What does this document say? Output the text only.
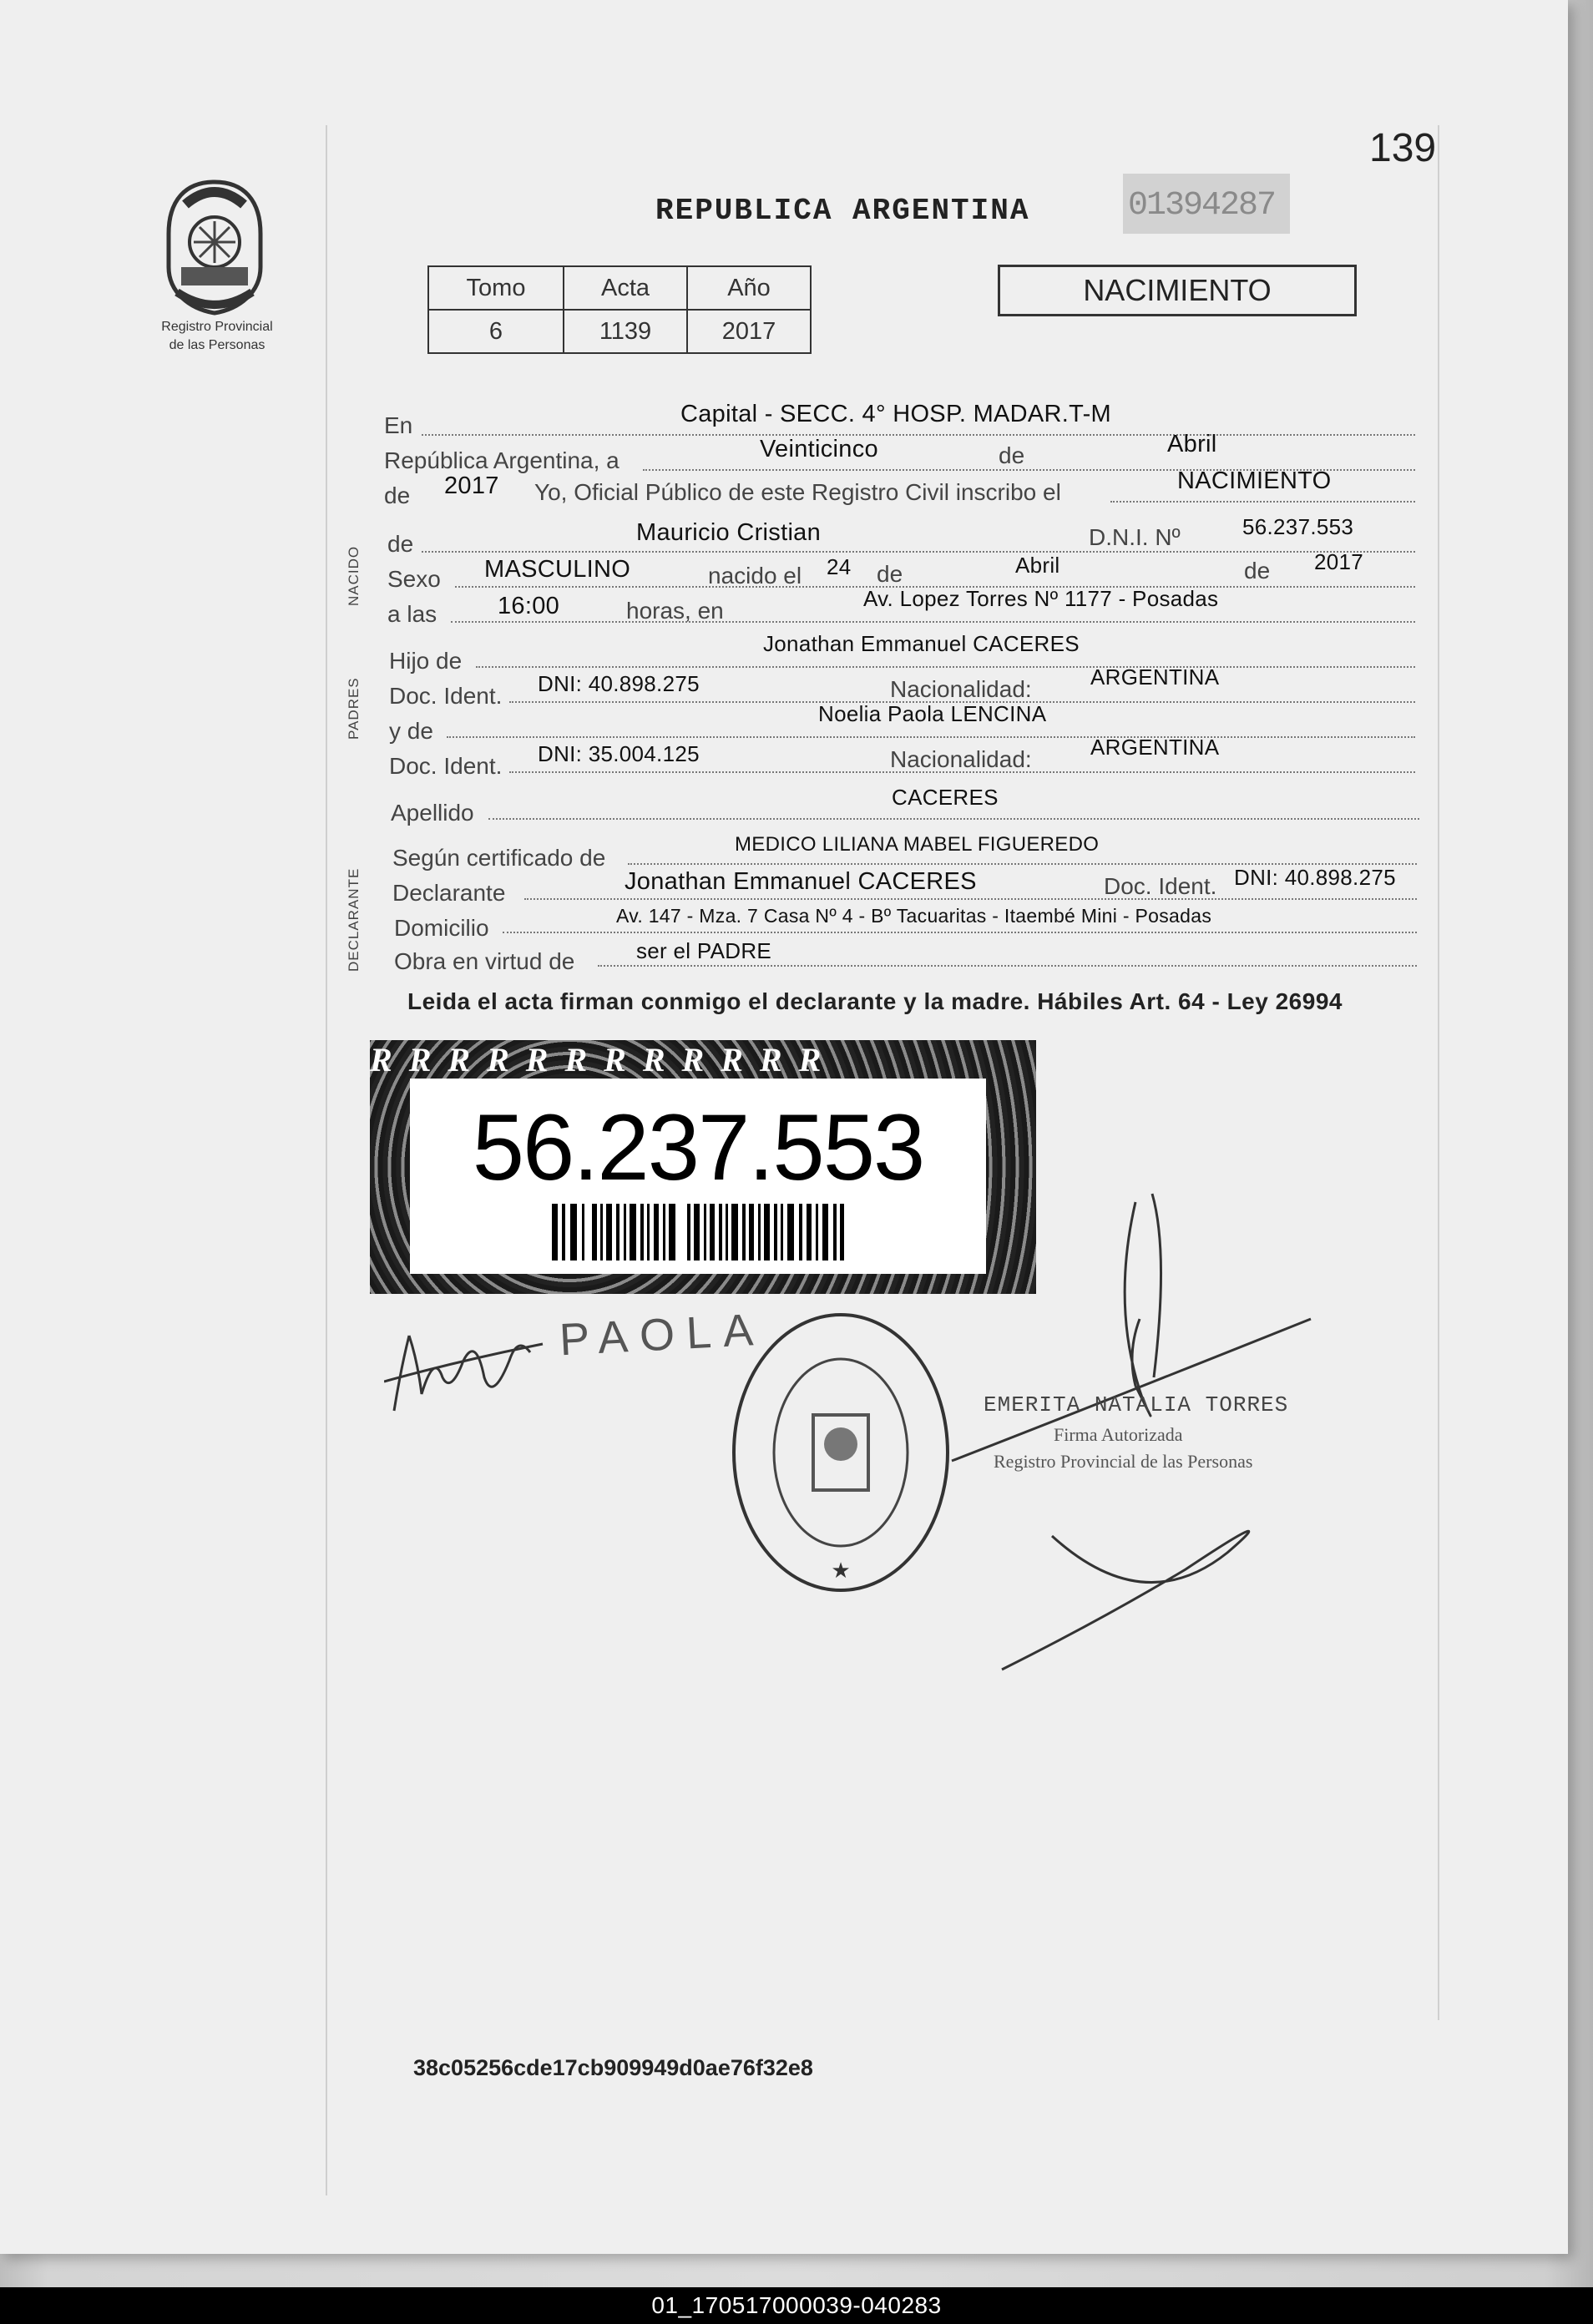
139
Registro Provincial
de las Personas
REPUBLICA ARGENTINA	01394287
Tomo	Acta	Año
6	1139	2017
NACIMIENTO
En	Capital - SECC. 4° HOSP. MADAR.T-M
República Argentina, a	Veinticinco	de	Abril
de 2017 Yo, Oficial Público de este Registro Civil inscribo el	NACIMIENTO
NACIDO
de	Mauricio Cristian	D.N.I. Nº	56.237.553
Sexo MASCULINO	nacido el 24 de	Abril	de 2017
a las	16:00	horas, en	Av. Lopez Torres Nº 1177 - Posadas
PADRES
Hijo de
Jonathan Emmanuel CACERES
Doc. Ident. DNI: 40.898.275	Nacionalidad:	ARGENTINA
y de
Noelia Paola LENCINA
Doc. Ident. DNI: 35.004.125	Nacionalidad:	ARGENTINA
Apellido
CACERES
DECLARANTE
Según certificado de
MEDICO LILIANA MABEL FIGUEREDO
Declarante	Jonathan Emmanuel CACERES	Doc. Ident. DNI: 40.898.275
Domicilio	Av. 147 - Mza. 7 Casa Nº 4 - Bº Tacuaritas - Itaembé Mini - Posadas
Obra en virtud de	ser el PADRE
Leida el acta firman conmigo el declarante y la madre. Hábiles Art. 64 - Ley 26994
RRRRRRRRRRRR
56.237.553
PAOLA
★
EMERITA NATALIA TORRES
Firma Autorizada
Registro Provincial de las Personas
38c05256cde17cb909949d0ae76f32e8
01_170517000039-040283
